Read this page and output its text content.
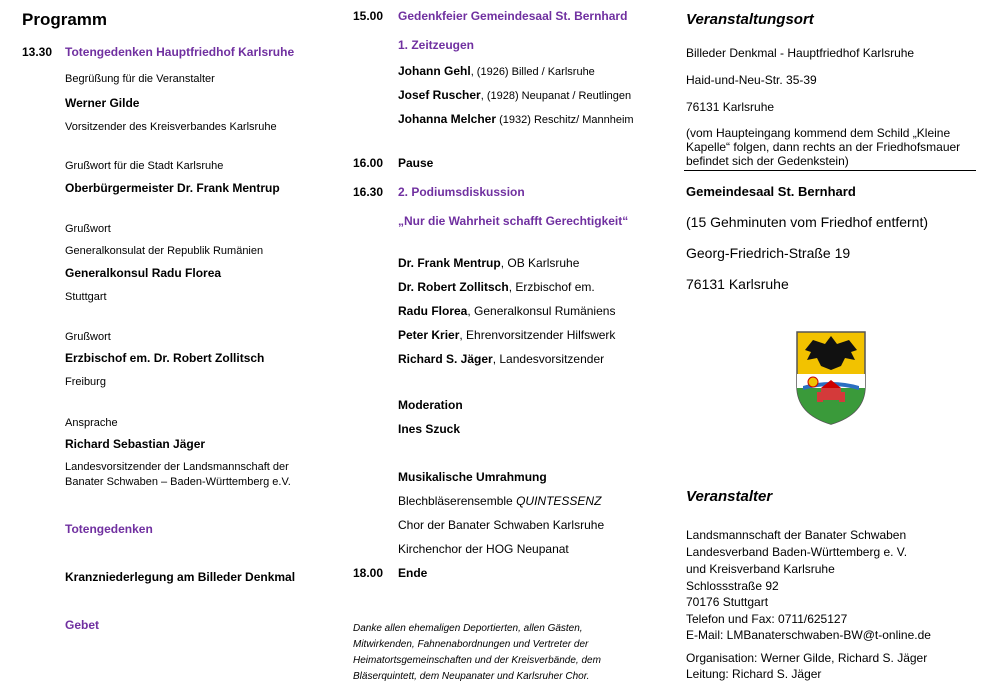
Programm
13.30 Totengedenken Hauptfriedhof Karlsruhe
Begrüßung für die Veranstalter
Werner Gilde
Vorsitzender des Kreisverbandes Karlsruhe
Grußwort für die Stadt Karlsruhe
Oberbürgermeister Dr. Frank Mentrup
Grußwort
Generalkonsulat der Republik Rumänien
Generalkonsul Radu Florea
Stuttgart
Grußwort
Erzbischof em. Dr. Robert Zollitsch
Freiburg
Ansprache
Richard Sebastian Jäger
Landesvorsitzender der Landsmannschaft der
Banater Schwaben – Baden-Württemberg e.V.
Totengedenken
Kranzniederlegung am Billeder Denkmal
Gebet
15.00 Gedenkfeier Gemeindesaal St. Bernhard
1. Zeitzeugen
Johann Gehl, (1926) Billed / Karlsruhe
Josef Ruscher, (1928) Neupanat / Reutlingen
Johanna Melcher (1932) Reschitz/ Mannheim
16.00 Pause
16.30 2. Podiumsdiskussion
„Nur die Wahrheit schafft Gerechtigkeit“
Dr. Frank Mentrup, OB Karlsruhe
Dr. Robert Zollitsch, Erzbischof em.
Radu Florea, Generalkonsul Rumäniens
Peter Krier, Ehrenvorsitzender Hilfswerk
Richard S. Jäger, Landesvorsitzender
Moderation
Ines Szuck
Musikalische Umrahmung
Blechbläserensemble QUINTESSENZ
Chor der Banater Schwaben Karlsruhe
Kirchenchor der HOG Neupanat
18.00 Ende
Danke allen ehemaligen Deportierten, allen Gästen, Mitwirkenden, Fahnenabordnungen und Vertreter der Heimatortsgemeinschaften und der Kreisverbände, dem Bläserquintett, dem Neupanater und Karlsruher Chor.
Veranstaltungsort
Billeder Denkmal - Hauptfriedhof Karlsruhe
Haid-und-Neu-Str. 35-39
76131 Karlsruhe
(vom Haupteingang kommend dem Schild „Kleine Kapelle“ folgen, dann rechts an der Friedhofsmauer befindet sich der Gedenkstein)
Gemeindesaal St. Bernhard
(15 Gehminuten vom Friedhof entfernt)
Georg-Friedrich-Straße 19
76131 Karlsruhe
Veranstalter
Landsmannschaft der Banater Schwaben
Landesverband Baden-Württemberg e. V.
und Kreisverband Karlsruhe
Schlossstraße 92
70176 Stuttgart
Telefon und Fax: 0711/625127
E-Mail: LMBanaterschwaben-BW@t-online.de
Organisation: Werner Gilde, Richard S. Jäger
Leitung: Richard S. Jäger
